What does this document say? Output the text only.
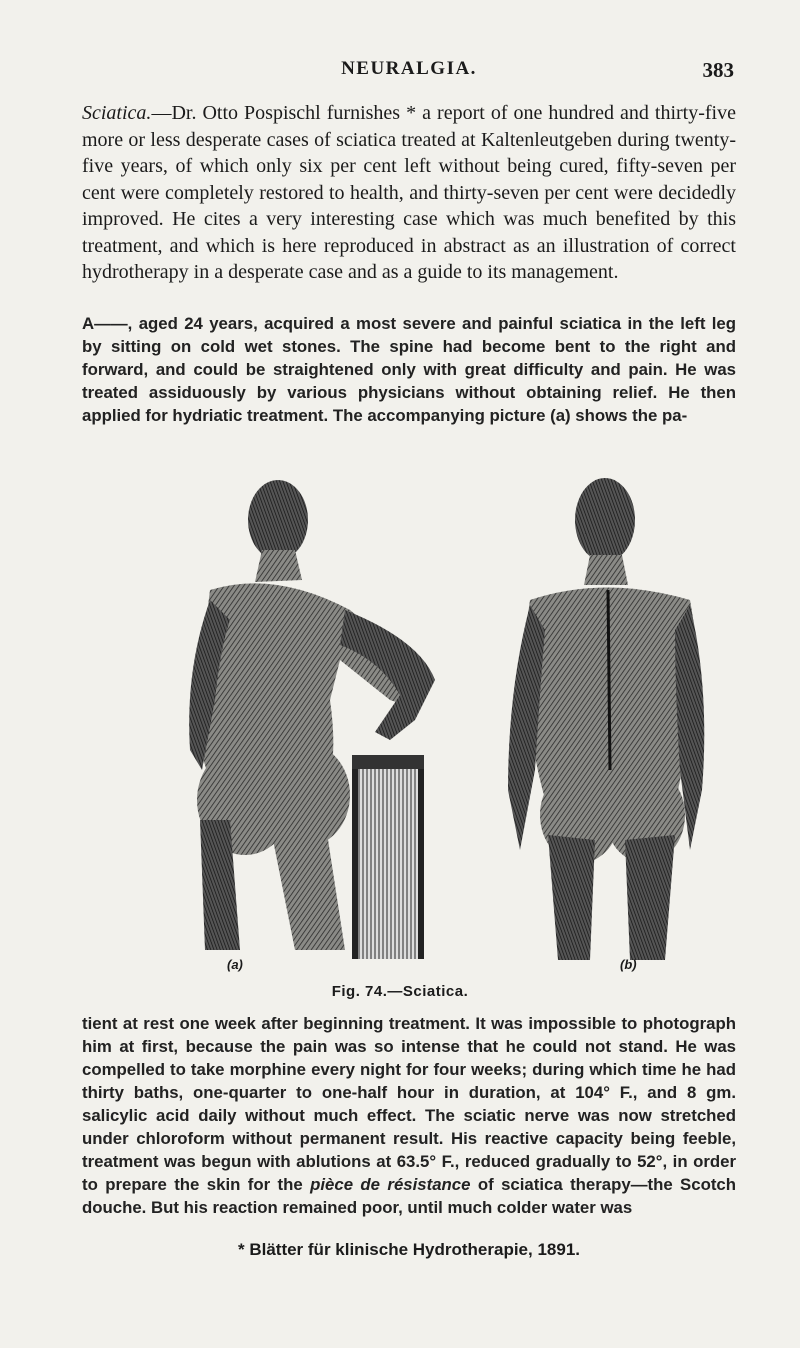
NEURALGIA.	383
Sciatica.—Dr. Otto Pospischl furnishes * a report of one hundred and thirty-five more or less desperate cases of sciatica treated at Kaltenleutgeben during twenty-five years, of which only six per cent left without being cured, fifty-seven per cent were completely restored to health, and thirty-seven per cent were decidedly improved. He cites a very interesting case which was much benefited by this treatment, and which is here reproduced in abstract as an illustration of correct hydrotherapy in a desperate case and as a guide to its management.
A——, aged 24 years, acquired a most severe and painful sciatica in the left leg by sitting on cold wet stones. The spine had become bent to the right and forward, and could be straightened only with great difficulty and pain. He was treated assiduously by various physicians without obtaining relief. He then applied for hydriatic treatment. The accompanying picture (a) shows the pa-
(a)	(b)
Fig. 74.—Sciatica.
tient at rest one week after beginning treatment. It was impossible to photograph him at first, because the pain was so intense that he could not stand. He was compelled to take morphine every night for four weeks; during which time he had thirty baths, one-quarter to one-half hour in duration, at 104° F., and 8 gm. salicylic acid daily without much effect. The sciatic nerve was now stretched under chloroform without permanent result. His reactive capacity being feeble, treatment was begun with ablutions at 63.5° F., reduced gradually to 52°, in order to prepare the skin for the pièce de résistance of sciatica therapy—the Scotch douche. But his reaction remained poor, until much colder water was
* Blätter für klinische Hydrotherapie, 1891.
